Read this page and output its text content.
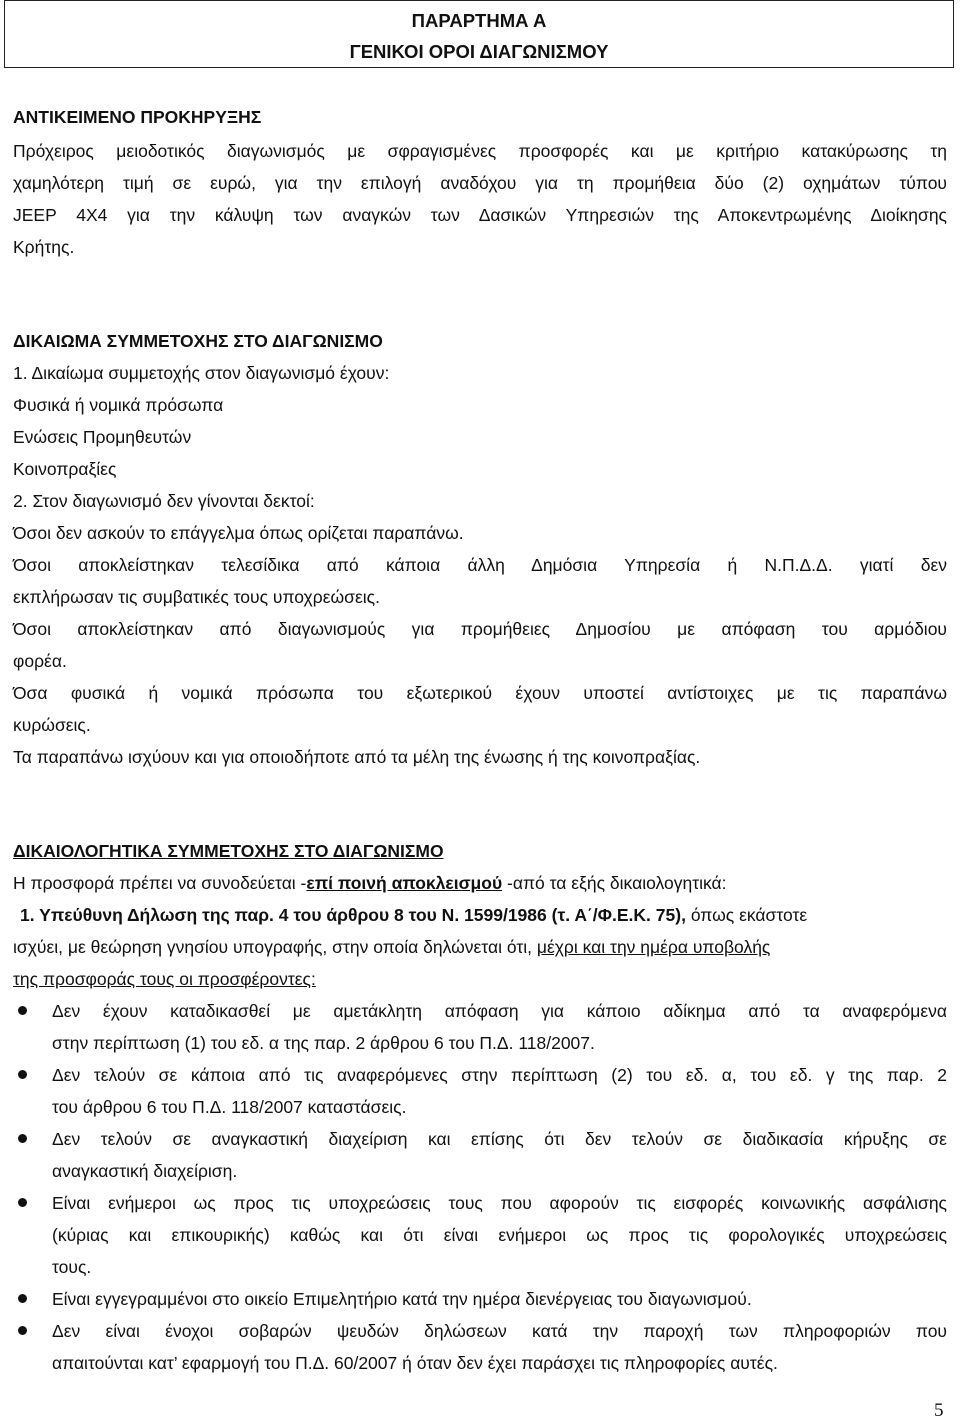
ΠΑΡΑΡΤΗΜΑ Α
ΓΕΝΙΚΟΙ ΟΡΟΙ ΔΙΑΓΩΝΙΣΜΟΥ
ΑΝΤΙΚΕΙΜΕΝΟ ΠΡΟΚΗΡΥΞΗΣ
Πρόχειρος μειοδοτικός διαγωνισμός με σφραγισμένες προσφορές και με κριτήριο κατακύρωσης τη
χαμηλότερη τιμή σε ευρώ, για την επιλογή αναδόχου για τη προμήθεια δύο (2) οχημάτων τύπου
JEEP 4X4 για την κάλυψη των αναγκών των Δασικών Υπηρεσιών της Αποκεντρωμένης Διοίκησης
Κρήτης.
ΔΙΚΑΙΩΜΑ ΣΥΜΜΕΤΟΧΗΣ ΣΤΟ ΔΙΑΓΩΝΙΣΜΟ
1. Δικαίωμα συμμετοχής στον διαγωνισμό έχουν:
Φυσικά ή νομικά πρόσωπα
Ενώσεις Προμηθευτών
Κοινοπραξίες
2. Στον διαγωνισμό δεν γίνονται δεκτοί:
Όσοι δεν ασκούν το επάγγελμα όπως ορίζεται παραπάνω.
Όσοι αποκλείστηκαν τελεσίδικα από κάποια άλλη Δημόσια Υπηρεσία ή Ν.Π.Δ.Δ. γιατί δεν
εκπλήρωσαν τις συμβατικές τους υποχρεώσεις.
Όσοι αποκλείστηκαν από διαγωνισμούς για προμήθειες Δημοσίου με απόφαση του αρμόδιου
φορέα.
Όσα φυσικά ή νομικά πρόσωπα του εξωτερικού έχουν υποστεί αντίστοιχες με τις παραπάνω
κυρώσεις.
Τα παραπάνω ισχύουν και για οποιοδήποτε από τα μέλη της ένωσης ή της κοινοπραξίας.
ΔΙΚΑΙΟΛΟΓΗΤΙΚΑ ΣΥΜΜΕΤΟΧΗΣ ΣΤΟ ΔΙΑΓΩΝΙΣΜΟ
Η προσφορά πρέπει να συνοδεύεται -επί ποινή αποκλεισμού -από τα εξής δικαιολογητικά:
1. Υπεύθυνη Δήλωση της παρ. 4 του άρθρου 8 του Ν. 1599/1986 (τ. Α΄/Φ.Ε.Κ. 75), όπως εκάστοτε
ισχύει, με θεώρηση γνησίου υπογραφής, στην οποία δηλώνεται ότι, μέχρι και την ημέρα υποβολής
της προσφοράς τους οι προσφέροντες:
Δεν έχουν καταδικασθεί με αμετάκλητη απόφαση για κάποιο αδίκημα από τα αναφερόμενα
στην περίπτωση (1) του εδ. α της παρ. 2 άρθρου 6 του Π.Δ. 118/2007.
Δεν τελούν σε κάποια από τις αναφερόμενες στην περίπτωση (2) του εδ. α, του εδ. γ της παρ. 2
του άρθρου 6 του Π.Δ. 118/2007 καταστάσεις.
Δεν τελούν σε αναγκαστική διαχείριση και επίσης ότι δεν τελούν σε διαδικασία κήρυξης σε
αναγκαστική διαχείριση.
Είναι ενήμεροι ως προς τις υποχρεώσεις τους που αφορούν τις εισφορές κοινωνικής ασφάλισης
(κύριας και επικουρικής) καθώς και ότι είναι ενήμεροι ως προς τις φορολογικές υποχρεώσεις
τους.
Είναι εγγεγραμμένοι στο οικείο Επιμελητήριο κατά την ημέρα διενέργειας του διαγωνισμού.
Δεν είναι ένοχοι σοβαρών ψευδών δηλώσεων κατά την παροχή των πληροφοριών που
απαιτούνται κατ’ εφαρμογή του Π.Δ. 60/2007 ή όταν δεν έχει παράσχει τις πληροφορίες αυτές.
5
